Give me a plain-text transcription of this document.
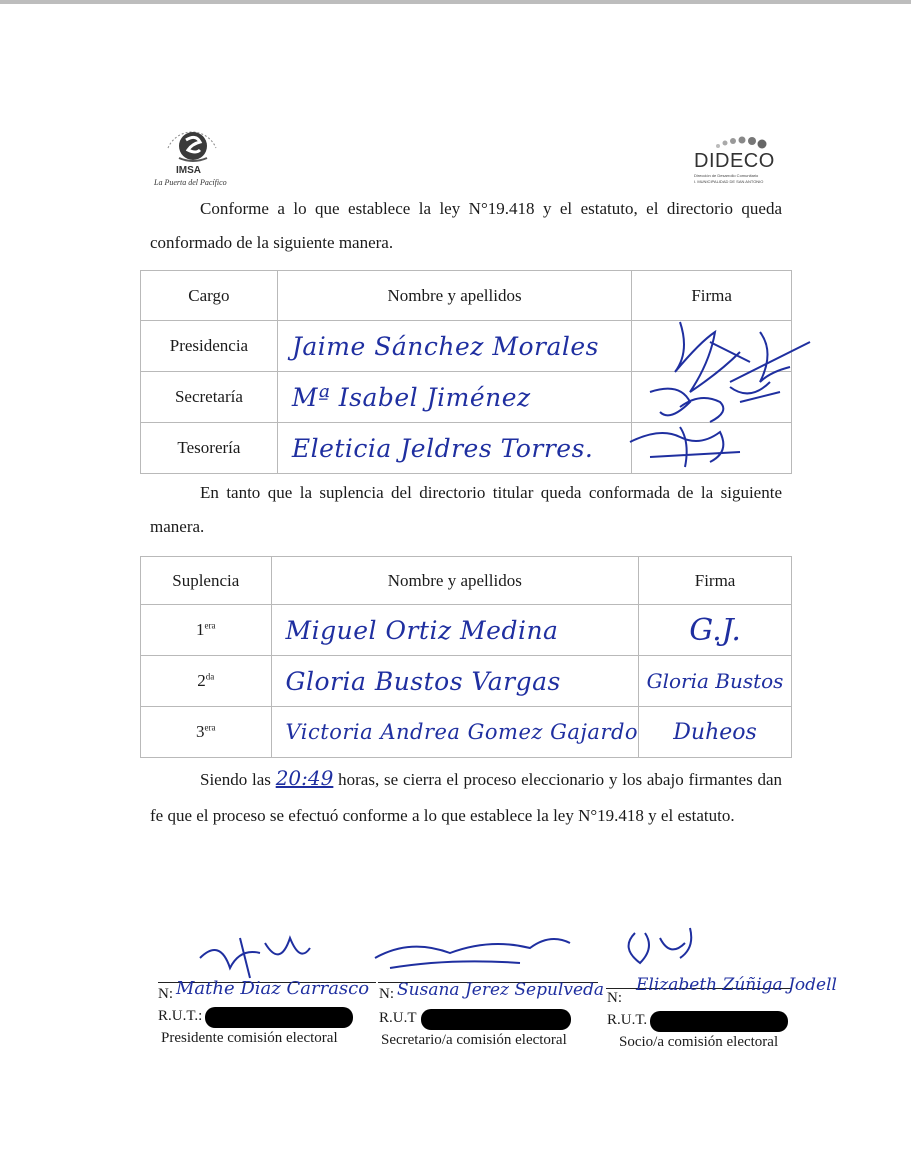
IMSA
La Puerta del Pacífico
DIDECO
Dirección de Desarrollo Comunitario
I. MUNICIPALIDAD DE SAN ANTONIO
Conforme a lo que establece la ley N°19.418 y el estatuto, el directorio queda conformado de la siguiente manera.
Cargo	Nombre y apellidos	Firma
Presidencia	Jaime Sánchez Morales	
Secretaría	Mª Isabel Jiménez	
Tesorería	Eleticia Jeldres Torres.	
En tanto que la suplencia del directorio titular queda conformada de la siguiente manera.
Suplencia	Nombre y apellidos	Firma
$1^{era}$	Miguel Ortiz Medina	G.J.
$2^{da}$	Gloria Bustos Vargas	Gloria Bustos
$3^{era}$	Victoria Andrea Gomez Gajardo	Duheos
Siendo las 20:49 horas, se cierra el proceso eleccionario y los abajo firmantes dan fe que el proceso se efectuó conforme a lo que establece la ley N°19.418 y el estatuto.
N: Mathe Diaz Carrasco
R.U.T.:
Presidente comisión electoral
N: Susana Jerez Sepulveda
R.U.T
Secretario/a comisión electoral
N:
Elizabeth Zúñiga Jodell
R.U.T.
Socio/a comisión electoral
